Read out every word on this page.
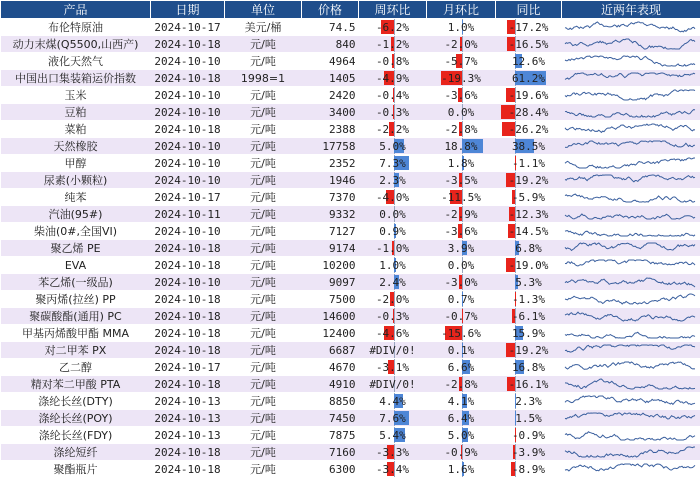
产品	日期	单位	价格	周环比	月环比	同比	近两年表现
布伦特原油	2024-10-17	美元/桶	74.5	-6.2%	1.0%	-17.2%

动力末煤(Q5500,山西产)	2024-10-18	元/吨	840	-1.2%	-2.0%	-16.5%

液化天然气	2024-10-10	元/吨	4964	-0.8%	-5.7%	12.6%

中国出口集装箱运价指数	2024-10-18	1998=1	1405	-4.9%	-19.3%	61.2%

玉米	2024-10-10	元/吨	2420	-0.4%	-3.6%	-19.6%

豆粕	2024-10-10	元/吨	3400	-0.3%	0.0%	-28.4%

菜粕	2024-10-18	元/吨	2388	-2.2%	-2.8%	-26.2%

天然橡胶	2024-10-10	元/吨	17758	5.0%	18.8%	38.5%

甲醇	2024-10-10	元/吨	2352	7.3%	1.8%	-1.1%

尿素(小颗粒)	2024-10-10	元/吨	1946	2.3%	-3.5%	-19.2%

纯苯	2024-10-17	元/吨	7370	-4.0%	-11.5%	-5.9%

汽油(95#)	2024-10-11	元/吨	9332	0.0%	-2.9%	-12.3%

柴油(0#,全国VI)	2024-10-10	元/吨	7127	0.9%	-3.6%	-14.5%

聚乙烯 PE	2024-10-18	元/吨	9174	-1.0%	3.9%	6.8%

EVA	2024-10-18	元/吨	10200	1.0%	0.0%	-19.0%

苯乙烯(一级品)	2024-10-10	元/吨	9097	2.4%	-3.0%	5.3%

聚丙烯(拉丝) PP	2024-10-18	元/吨	7500	-2.0%	0.7%	-1.3%

聚碳酸酯(通用) PC	2024-10-18	元/吨	14600	-0.3%	-0.7%	-6.1%

甲基丙烯酸甲酯 MMA	2024-10-18	元/吨	12400	-4.6%	-15.6%	15.9%

对二甲苯 PX	2024-10-18	元/吨	6687	#DIV/0!	0.1%	-19.2%

乙二醇	2024-10-17	元/吨	4670	-3.1%	6.6%	16.8%

精对苯二甲酸 PTA	2024-10-18	元/吨	4910	#DIV/0!	-2.8%	-16.1%

涤纶长丝(DTY)	2024-10-13	元/吨	8850	4.4%	4.1%	2.3%

涤纶长丝(POY)	2024-10-13	元/吨	7450	7.6%	6.4%	1.5%

涤纶长丝(FDY)	2024-10-13	元/吨	7875	5.4%	5.0%	-0.9%

涤纶短纤	2024-10-18	元/吨	7160	-3.3%	-0.9%	-3.9%

聚酯瓶片	2024-10-18	元/吨	6300	-3.4%	1.6%	-8.9%
